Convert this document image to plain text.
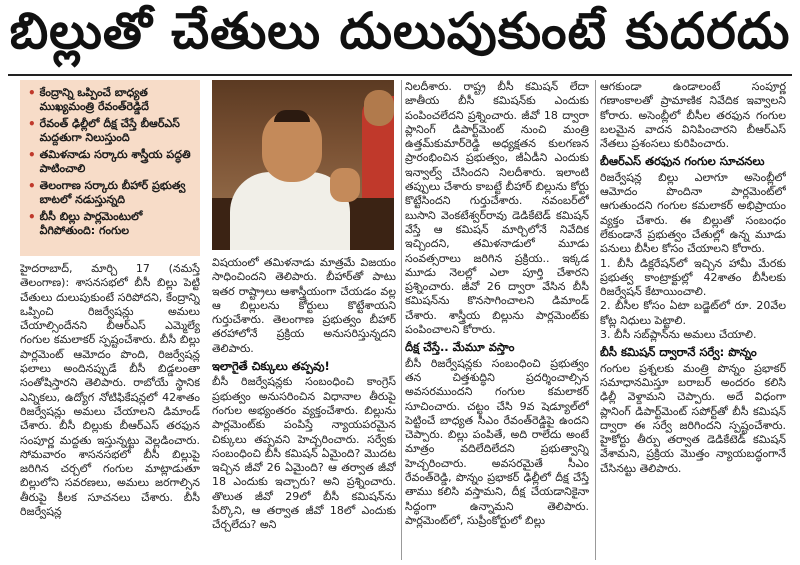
బిల్లుతో చేతులు దులుపుకుంటే కుదరదు
• కేంద్రాన్ని ఒప్పించే బాధ్యత ముఖ్యమంత్రి రేవంత్‌రెడ్డిదే
• రేవంత్ ఢిల్లీలో దీక్ష చేస్తే బీఆర్ఎస్ మద్దతుగా నిలుస్తుంది
• తమిళనాడు సర్కారు శాస్త్రీయ పద్ధతి పాటించాలి
• తెలంగాణ సర్కారు బీహార్ ప్రభుత్వ బాటలో నడుస్తున్నది
• బీసీ బిల్లు పార్లమెంటులో వీగిపోతుంది: గంగుల

హైదరాబాద్, మార్చి 17 (నమస్తే తెలంగాణ): శాసనసభలో బీసీ బిల్లు పెట్టి చేతులు దులుపుకుంటే సరిపోదని, కేంద్రాన్ని ఒప్పించి రిజర్వేషన్లు అమలు చేయాల్సిందేనని బీఆర్ఎస్ ఎమ్మెల్యే గంగుల కమలాకర్ స్పష్టంచేశారు. బీసీ బిల్లు పార్లమెంట్ ఆమోదం పొంది, రిజర్వేషన్ల ఫలాలు అందినప్పుడే బీసీ బిడ్డలంతా సంతోషిస్తారని తెలిపారు. రాబోయే స్థానిక ఎన్నికలు, ఉద్యోగ నోటిఫికేషన్లలో 42శాతం రిజర్వేషన్లు అమలు చేయాలని డిమాండ్ చేశారు. బీసీ బిల్లుకు బీఆర్ఎస్ తరఫున సంపూర్ణ మద్దతు ఇస్తున్నట్టు వెల్లడించారు. సోమవారం శాసనసభలో బీసీ బిల్లుపై జరిగిన చర్చలో గంగుల మాట్లాడుతూ బిల్లులోని సవరణలు, అమలు జరగాల్సిన తీరుపై కీలక సూచనలు చేశారు. బీసీ రిజర్వేషన్ల

విషయంలో తమిళనాడు మాత్రమే విజయం సాధించిందని తెలిపారు. బీహార్‌తో పాటు ఇతర రాష్ట్రాలు ఆశాస్త్రీయంగా చేయడం వల్ల ఆ బిల్లులను కోర్టులు కొట్టేశాయని గుర్తుచేశారు. తెలంగాణ ప్రభుత్వం బీహార్ తరహాలోనే ప్రక్రియ అనుసరిస్తున్నదని తెలిపారు.

ఇలాగైతే చిక్కులు తప్పవు!

బీసీ రిజర్వేషన్లకు సంబంధించి కాంగ్రెస్ ప్రభుత్వం అనుసరించిన విధానాల తీరుపై గంగుల అభ్యంతరం వ్యక్తంచేశారు. బిల్లును పార్లమెంట్‌కు పంపిస్తే న్యాయపరమైన చిక్కులు తప్పవని హెచ్చరించారు. సర్వేకు సంబంధించి బీసీ కమిషన్ ఏమైంది? మొదట ఇచ్చిన జీవో 26 ఏమైంది? ఆ తర్వాత జీవో 18 ఎందుకు ఇచ్చారు? అని ప్రశ్నించారు. తొలుత జీవో 29లో బీసీ కమిషన్‌ను పేర్కొని, ఆ తర్వాత జీవో 18లో ఎందుకు చేర్చలేదు? అని

నిలదీశారు. రాష్ట్ర బీసీ కమిషన్ లేదా జాతీయ బీసీ కమిషన్‌కు ఎందుకు పంపించలేదని ప్రశ్నించారు. జీవో 18 ద్వారా ప్లానింగ్ డిపార్ట్‌మెంట్ నుంచి మంత్రి ఉత్తమ్‌కుమార్‌రెడ్డి అధ్యక్షతన కులగణన ప్రారంభించిన ప్రభుత్వం, జీఏడీని ఎందుకు ఇన్వాల్వ్ చేసిందని నిలదీశారు. ఇలాంటి తప్పులు చేశారు కాబట్టే బీహార్ బిల్లును కోర్టు కొట్టేసిందని గుర్తుచేశారు. నవంబర్‌లో బుసాని వెంకటేశ్వర్‌రావు డెడికేటెడ్ కమిషన్ వేస్తే ఆ కమిషన్ మార్చిలోనే నివేదిక ఇచ్చిందని, తమిళనాడులో మూడు సంవత్సరాలు జరిగిన ప్రక్రియ.. ఇక్కడ మూడు నెలల్లో ఎలా పూర్తి చేశారని ప్రశ్నించారు. జీవో 26 ద్వారా వేసిన బీసీ కమిషన్‌ను కొనసాగించాలని డిమాండ్ చేశారు. శాస్త్రీయ బిల్లును పార్లమెంట్‌కు పంపించాలని కోరారు.

దీక్ష చేస్తే.. మేమూ వస్తాం

బీసీ రిజర్వేషన్లకు సంబంధించి ప్రభుత్వం తన చిత్తశుద్ధిని ప్రదర్శించాల్సిన అవసరముందని గంగుల కమలాకర్ సూచించారు. చట్టం చేసి 9వ షెడ్యూల్‌లో పెట్టించే బాధ్యత సీఎం రేవంత్‌రెడ్డిపై ఉందని చెప్పారు. బిల్లు పంపితే, అది రాలేదు అంటే మాత్రం వదిలేదిలేదని ప్రభుత్వాన్ని హెచ్చరించారు. అవసరమైతే సీఎం రేవంత్‌రెడ్డి, పొన్నం ప్రభాకర్ ఢిల్లీలో దీక్ష చేస్తే తాము కలిసి వస్తామని, దీక్ష చేయడానికైనా సిద్ధంగా ఉన్నామని తెలిపారు. పార్లమెంట్‌లో, సుప్రీంకోర్టులో బిల్లు

ఆగకుండా ఉండాలంటే సంపూర్ణ గణాంకాలతో ప్రామాణిక నివేదిక ఇవ్వాలని కోరారు. అసెంబ్లీలో బీసీల తరఫున గంగుల బలమైన వాదన వినిపించారని బీఆర్ఎస్ నేతలు ప్రశంసలు కురిపించారు.

బీఆర్ఎస్ తరఫున గంగుల సూచనలు

రిజర్వేషన్ల బిల్లు ఎలాగూ అసెంబ్లీలో ఆమోదం పొందినా పార్లమెంట్‌లో ఆగుతుందని గంగుల కమలాకర్ అభిప్రాయం వ్యక్తం చేశారు. ఈ బిల్లుతో సంబంధం లేకుండానే ప్రభుత్వం చేతుల్లో ఉన్న మూడు పనులు బీసీల కోసం చేయాలని కోరారు.

1. బీసీ డిక్లరేషన్‌లో ఇచ్చిన హామీ మేరకు ప్రభుత్వ కాంట్రాక్టుల్లో 42శాతం బీసీలకు రిజర్వేషన్ కేటాయించాలి.

2. బీసీల కోసం ఏటా బడ్జెట్‌లో రూ. 20వేల కోట్ల నిధులు పెట్టాలి.

3. బీసీ సబ్‌ప్లాన్‌ను అమలు చేయాలి.

బీసీ కమిషన్ ద్వారానే సర్వే: పొన్నం

గంగుల ప్రశ్నలకు మంత్రి పొన్నం ప్రభాకర్ సమాధానమిస్తూ బరాబర్ అందరం కలిసి ఢిల్లీ వెళ్దామని చెప్పారు. అదే విధంగా ప్లానింగ్ డిపార్ట్‌మెంట్ సపోర్ట్‌తో బీసీ కమిషన్ ద్వారా ఈ సర్వే జరిగిందని స్పష్టంచేశారు. హైకోర్టు తీర్పు తర్వాత డెడికేటెడ్ కమిషన్ వేశామని, ప్రక్రియ మొత్తం న్యాయబద్ధంగానే చేసినట్టు తెలిపారు.
